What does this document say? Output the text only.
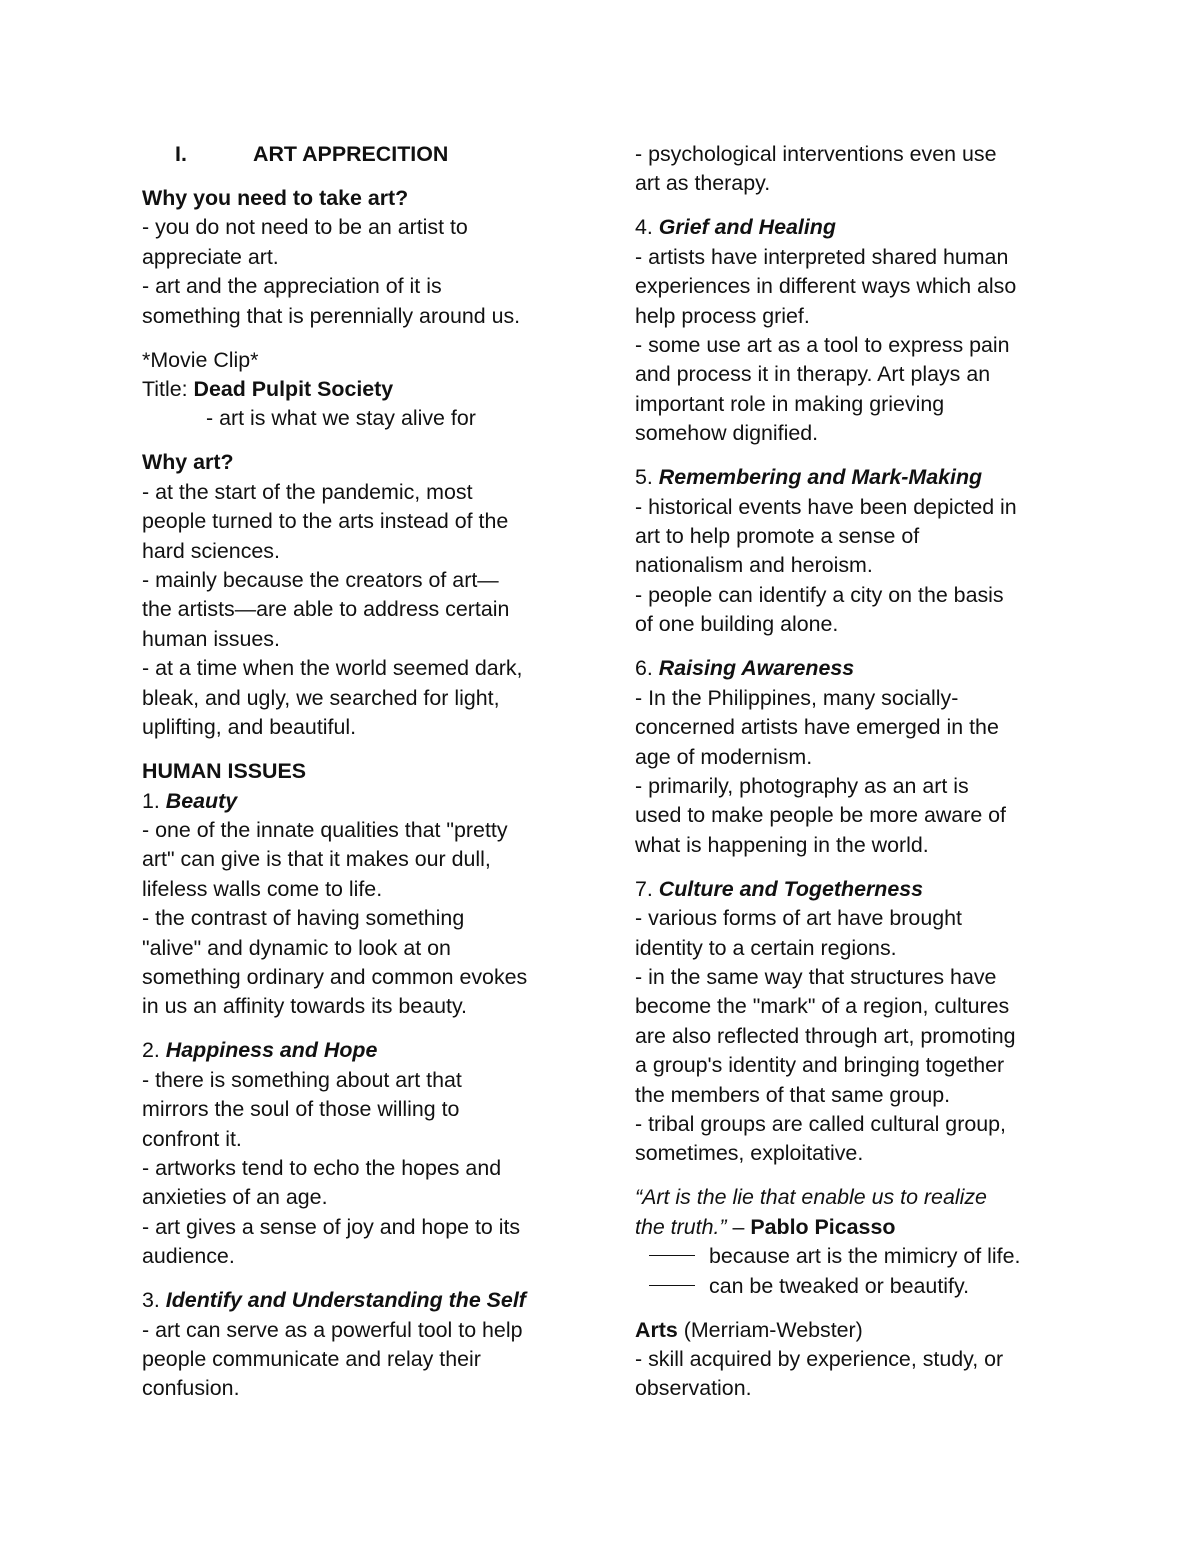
I.	ART APPRECITION
Why you need to take art?
- you do not need to be an artist to
appreciate art.
- art and the appreciation of it is
something that is perennially around us.
*Movie Clip*
Title: Dead Pulpit Society
- art is what we stay alive for
Why art?
- at the start of the pandemic, most
people turned to the arts instead of the
hard sciences.
- mainly because the creators of art—
the artists—are able to address certain
human issues.
- at a time when the world seemed dark,
bleak, and ugly, we searched for light,
uplifting, and beautiful.
HUMAN ISSUES
1. Beauty
- one of the innate qualities that "pretty
art" can give is that it makes our dull,
lifeless walls come to life.
- the contrast of having something
"alive" and dynamic to look at on
something ordinary and common evokes
in us an affinity towards its beauty.
2. Happiness and Hope
- there is something about art that
mirrors the soul of those willing to
confront it.
- artworks tend to echo the hopes and
anxieties of an age.
- art gives a sense of joy and hope to its
audience.
3. Identify and Understanding the Self
- art can serve as a powerful tool to help
people communicate and relay their
confusion.
- psychological interventions even use
art as therapy.
4. Grief and Healing
- artists have interpreted shared human
experiences in different ways which also
help process grief.
- some use art as a tool to express pain
and process it in therapy. Art plays an
important role in making grieving
somehow dignified.
5. Remembering and Mark-Making
- historical events have been depicted in
art to help promote a sense of
nationalism and heroism.
- people can identify a city on the basis
of one building alone.
6. Raising Awareness
- In the Philippines, many socially-
concerned artists have emerged in the
age of modernism.
- primarily, photography as an art is
used to make people be more aware of
what is happening in the world.
7. Culture and Togetherness
- various forms of art have brought
identity to a certain regions.
- in the same way that structures have
become the "mark" of a region, cultures
are also reflected through art, promoting
a group's identity and bringing together
the members of that same group.
- tribal groups are called cultural group,
sometimes, exploitative.
“Art is the lie that enable us to realize
the truth.” – Pablo Picasso
because art is the mimicry of life.
can be tweaked or beautify.
Arts (Merriam-Webster)
- skill acquired by experience, study, or
observation.
